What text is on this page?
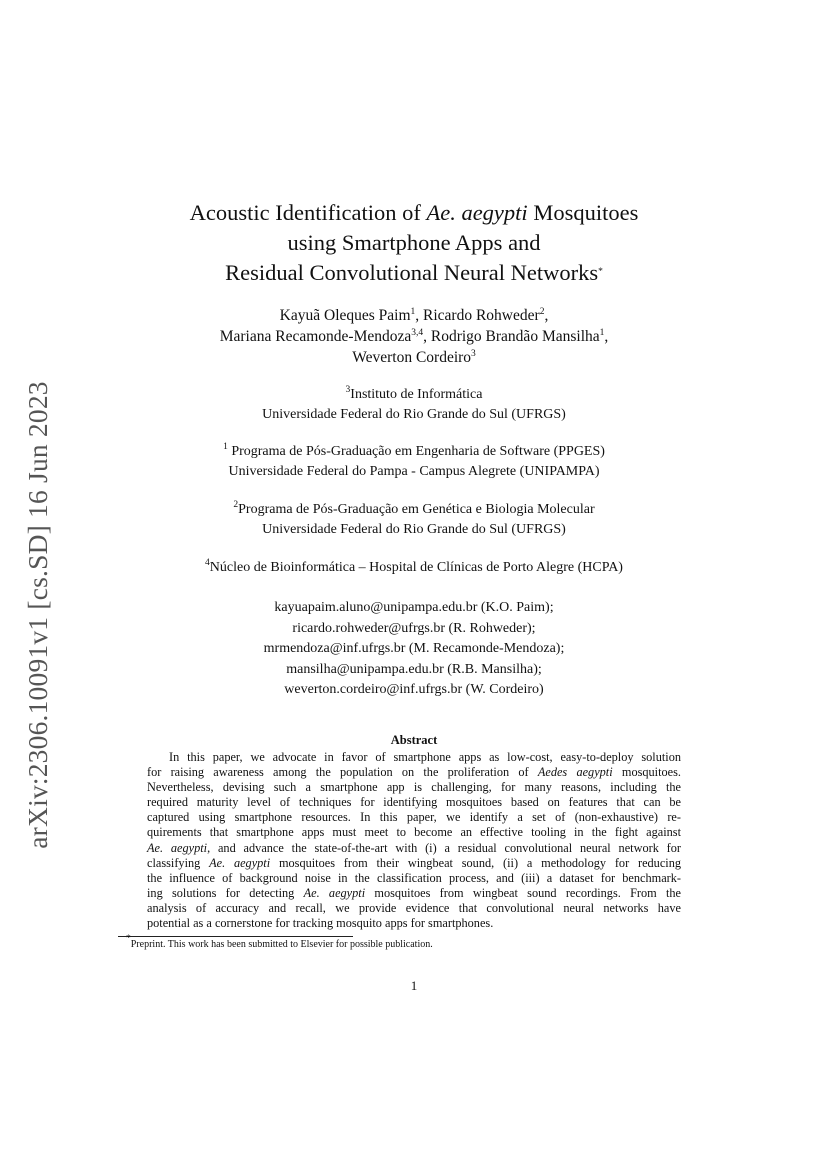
arXiv:2306.10091v1 [cs.SD] 16 Jun 2023
Acoustic Identification of Ae. aegypti Mosquitoes
using Smartphone Apps and
Residual Convolutional Neural Networks*
Kayuã Oleques Paim$^1$, Ricardo Rohweder$^2$,
Mariana Recamonde-Mendoza$^{3,4}$, Rodrigo Brandão Mansilha$^1$,
Weverton Cordeiro$^3$
$^3$Instituto de Informática
Universidade Federal do Rio Grande do Sul (UFRGS)
$^1$ Programa de Pós-Graduação em Engenharia de Software (PPGES)
Universidade Federal do Pampa - Campus Alegrete (UNIPAMPA)
$^2$Programa de Pós-Graduação em Genética e Biologia Molecular
Universidade Federal do Rio Grande do Sul (UFRGS)
$^4$Núcleo de Bioinformática – Hospital de Clínicas de Porto Alegre (HCPA)
kayuapaim.aluno@unipampa.edu.br (K.O. Paim);
ricardo.rohweder@ufrgs.br (R. Rohweder);
mrmendoza@inf.ufrgs.br (M. Recamonde-Mendoza);
mansilha@unipampa.edu.br (R.B. Mansilha);
weverton.cordeiro@inf.ufrgs.br (W. Cordeiro)
Abstract
In this paper, we advocate in favor of smartphone apps as low-cost, easy-to-deploy solution
for raising awareness among the population on the proliferation of Aedes aegypti mosquitoes.
Nevertheless, devising such a smartphone app is challenging, for many reasons, including the
required maturity level of techniques for identifying mosquitoes based on features that can be
captured using smartphone resources. In this paper, we identify a set of (non-exhaustive) re-
quirements that smartphone apps must meet to become an effective tooling in the fight against
Ae. aegypti, and advance the state-of-the-art with (i) a residual convolutional neural network for
classifying Ae. aegypti mosquitoes from their wingbeat sound, (ii) a methodology for reducing
the influence of background noise in the classification process, and (iii) a dataset for benchmark-
ing solutions for detecting Ae. aegypti mosquitoes from wingbeat sound recordings. From the
analysis of accuracy and recall, we provide evidence that convolutional neural networks have
potential as a cornerstone for tracking mosquito apps for smartphones.
*Preprint. This work has been submitted to Elsevier for possible publication.
1
